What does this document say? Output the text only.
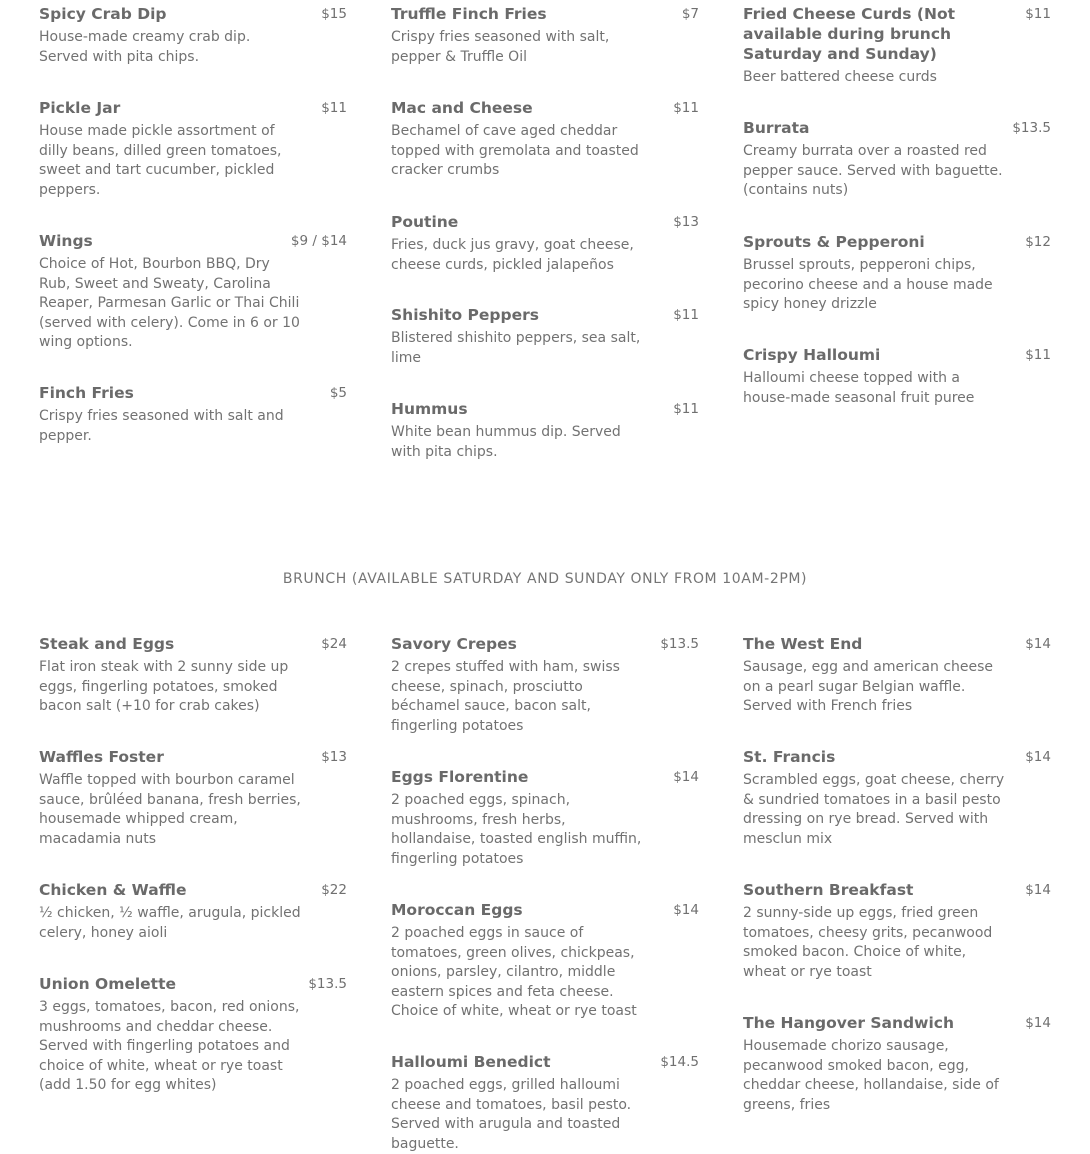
Spicy Crab Dip	$15
House-made creamy crab dip. Served with pita chips.
Pickle Jar	$11
House made pickle assortment of dilly beans, dilled green tomatoes, sweet and tart cucumber, pickled peppers.
Wings	$9 / $14
Choice of Hot, Bourbon BBQ, Dry Rub, Sweet and Sweaty, Carolina Reaper, Parmesan Garlic or Thai Chili (served with celery). Come in 6 or 10 wing options.
Finch Fries	$5
Crispy fries seasoned with salt and pepper.
Truffle Finch Fries	$7
Crispy fries seasoned with salt, pepper & Truffle Oil
Mac and Cheese	$11
Bechamel of cave aged cheddar topped with gremolata and toasted cracker crumbs
Poutine	$13
Fries, duck jus gravy, goat cheese, cheese curds, pickled jalapeños
Shishito Peppers	$11
Blistered shishito peppers, sea salt, lime
Hummus	$11
White bean hummus dip. Served with pita chips.
Fried Cheese Curds (Not available during brunch Saturday and Sunday)
$11
Beer battered cheese curds
Burrata	$13.5
Creamy burrata over a roasted red pepper sauce. Served with baguette. (contains nuts)
Sprouts & Pepperoni	$12
Brussel sprouts, pepperoni chips, pecorino cheese and a house made spicy honey drizzle
Crispy Halloumi	$11
Halloumi cheese topped with a house-made seasonal fruit puree
BRUNCH (AVAILABLE SATURDAY AND SUNDAY ONLY FROM 10AM-2PM)
Steak and Eggs	$24
Flat iron steak with 2 sunny side up eggs, fingerling potatoes, smoked bacon salt (+10 for crab cakes)
Waffles Foster	$13
Waffle topped with bourbon caramel sauce, brûléed banana, fresh berries, housemade whipped cream, macadamia nuts
Chicken & Waffle	$22
½ chicken, ½ waffle, arugula, pickled celery, honey aioli
Union Omelette	$13.5
3 eggs, tomatoes, bacon, red onions, mushrooms and cheddar cheese. Served with fingerling potatoes and choice of white, wheat or rye toast (add 1.50 for egg whites)
Savory Crepes	$13.5
2 crepes stuffed with ham, swiss cheese, spinach, prosciutto béchamel sauce, bacon salt, fingerling potatoes
Eggs Florentine	$14
2 poached eggs, spinach, mushrooms, fresh herbs, hollandaise, toasted english muffin, fingerling potatoes
Moroccan Eggs	$14
2 poached eggs in sauce of tomatoes, green olives, chickpeas, onions, parsley, cilantro, middle eastern spices and feta cheese. Choice of white, wheat or rye toast
Halloumi Benedict	$14.5
2 poached eggs, grilled halloumi cheese and tomatoes, basil pesto. Served with arugula and toasted baguette.
The West End	$14
Sausage, egg and american cheese on a pearl sugar Belgian waffle. Served with French fries
St. Francis	$14
Scrambled eggs, goat cheese, cherry & sundried tomatoes in a basil pesto dressing on rye bread. Served with mesclun mix
Southern Breakfast	$14
2 sunny-side up eggs, fried green tomatoes, cheesy grits, pecanwood smoked bacon. Choice of white, wheat or rye toast
The Hangover Sandwich	$14
Housemade chorizo sausage, pecanwood smoked bacon, egg, cheddar cheese, hollandaise, side of greens, fries
